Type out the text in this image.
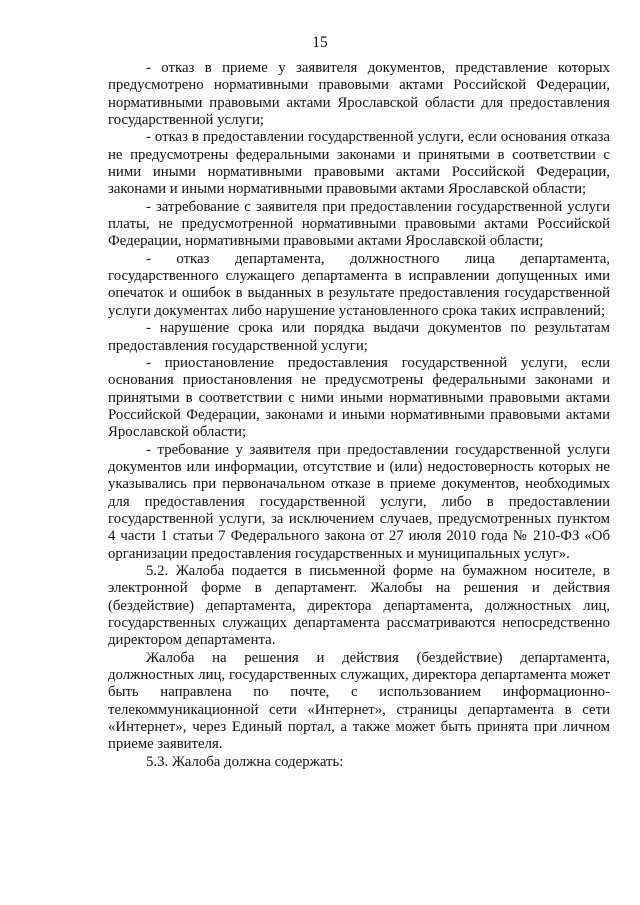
15

- отказ в приеме у заявителя документов, представление которых предусмотрено нормативными правовыми актами Российской Федерации, нормативными правовыми актами Ярославской области для предоставления государственной услуги;

- отказ в предоставлении государственной услуги, если основания отказа не предусмотрены федеральными законами и принятыми в соответствии с ними иными нормативными правовыми актами Российской Федерации, законами и иными нормативными правовыми актами Ярославской области;

- затребование с заявителя при предоставлении государственной услуги платы, не предусмотренной нормативными правовыми актами Российской Федерации, нормативными правовыми актами Ярославской области;

- отказ департамента, должностного лица департамента, государственного служащего департамента в исправлении допущенных ими опечаток и ошибок в выданных в результате предоставления государственной услуги документах либо нарушение установленного срока таких исправлений;

- нарушение срока или порядка выдачи документов по результатам предоставления государственной услуги;

- приостановление предоставления государственной услуги, если основания приостановления не предусмотрены федеральными законами и принятыми в соответствии с ними иными нормативными правовыми актами Российской Федерации, законами и иными нормативными правовыми актами Ярославской области;

- требование у заявителя при предоставлении государственной услуги документов или информации, отсутствие и (или) недостоверность которых не указывались при первоначальном отказе в приеме документов, необходимых для предоставления государственной услуги, либо в предоставлении государственной услуги, за исключением случаев, предусмотренных пунктом 4 части 1 статьи 7 Федерального закона от 27 июля 2010 года № 210-ФЗ «Об организации предоставления государственных и муниципальных услуг».

5.2. Жалоба подается в письменной форме на бумажном носителе, в электронной форме в департамент. Жалобы на решения и действия (бездействие) департамента, директора департамента, должностных лиц, государственных служащих департамента рассматриваются непосредственно директором департамента.

Жалоба на решения и действия (бездействие) департамента, должностных лиц, государственных служащих, директора департамента может быть направлена по почте, с использованием информационно-телекоммуникационной сети «Интернет», страницы департамента в сети «Интернет», через Единый портал, а также может быть принята при личном приеме заявителя.

5.3. Жалоба должна содержать:
